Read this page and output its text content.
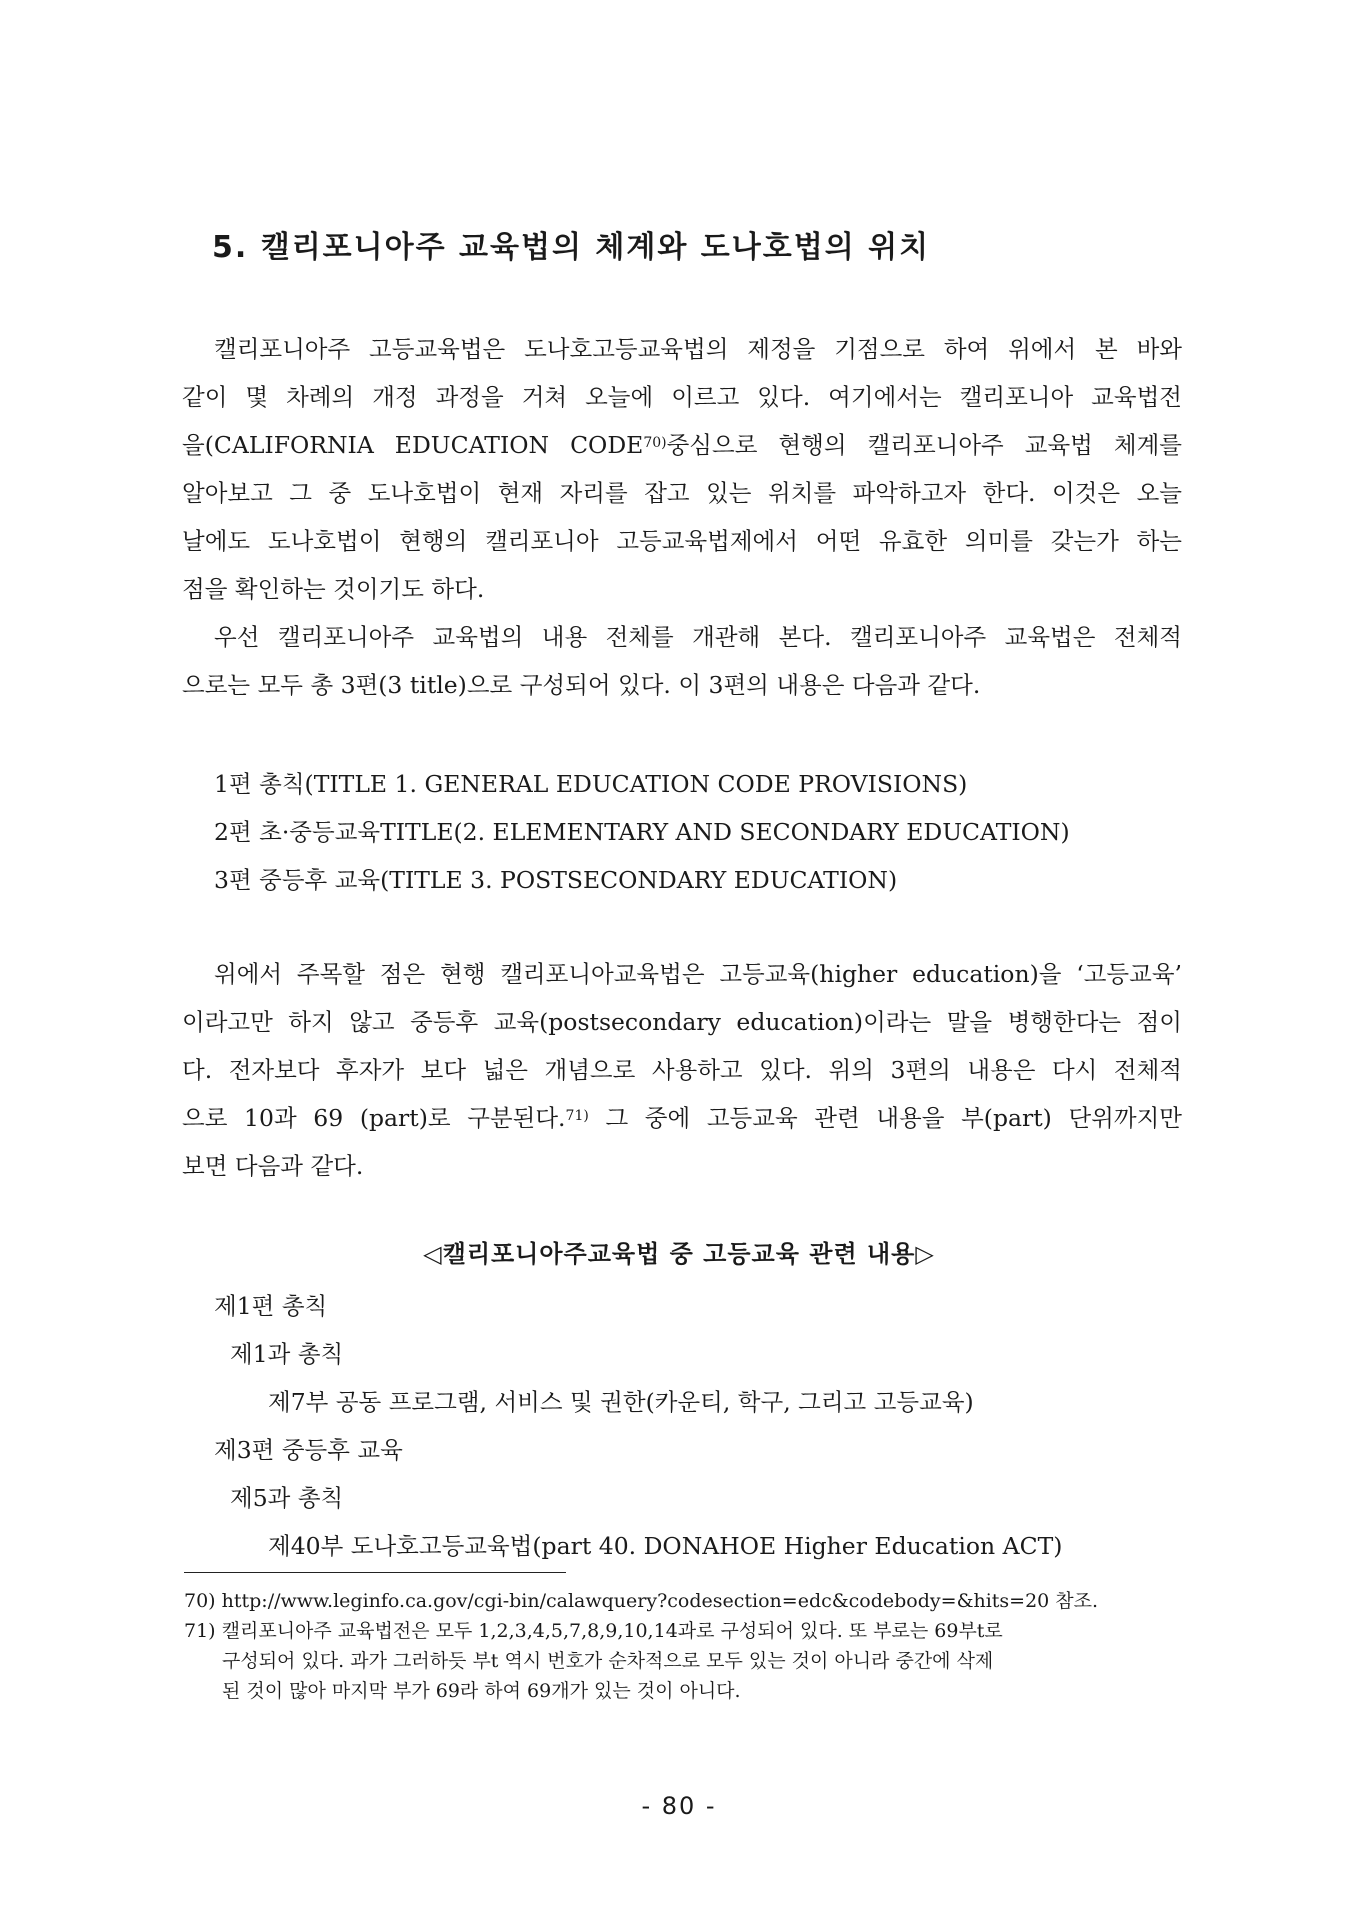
5. 캘리포니아주 교육법의 체계와 도나호법의 위치
캘리포니아주 고등교육법은 도나호고등교육법의 제정을 기점으로 하여 위에서 본 바와
같이 몇 차례의 개정 과정을 거쳐 오늘에 이르고 있다. 여기에서는 캘리포니아 교육법전
을(CALIFORNIA EDUCATION CODE$^{70)}$중심으로 현행의 캘리포니아주 교육법 체계를
알아보고 그 중 도나호법이 현재 자리를 잡고 있는 위치를 파악하고자 한다. 이것은 오늘
날에도 도나호법이 현행의 캘리포니아 고등교육법제에서 어떤 유효한 의미를 갖는가 하는
점을 확인하는 것이기도 하다.
우선 캘리포니아주 교육법의 내용 전체를 개관해 본다. 캘리포니아주 교육법은 전체적
으로는 모두 총 3편(3 title)으로 구성되어 있다. 이 3편의 내용은 다음과 같다.
1편 총칙(TITLE 1. GENERAL EDUCATION CODE PROVISIONS)
2편 초·중등교육TITLE(2. ELEMENTARY AND SECONDARY EDUCATION)
3편 중등후 교육(TITLE 3. POSTSECONDARY EDUCATION)
위에서 주목할 점은 현행 캘리포니아교육법은 고등교육(higher education)을 ‘고등교육’
이라고만 하지 않고 중등후 교육(postsecondary education)이라는 말을 병행한다는 점이
다. 전자보다 후자가 보다 넓은 개념으로 사용하고 있다. 위의 3편의 내용은 다시 전체적
으로 10과 69 (part)로 구분된다.$^{71)}$ 그 중에 고등교육 관련 내용을 부(part) 단위까지만
보면 다음과 같다.
◁캘리포니아주교육법 중 고등교육 관련 내용▷
제1편 총칙
제1과 총칙
제7부 공동 프로그램, 서비스 및 권한(카운티, 학구, 그리고 고등교육)
제3편 중등후 교육
제5과 총칙
제40부 도나호고등교육법(part 40. DONAHOE Higher Education ACT)
70) http://www.leginfo.ca.gov/cgi-bin/calawquery?codesection=edc&codebody=&hits=20 참조.
71) 캘리포니아주 교육법전은 모두 1,2,3,4,5,7,8,9,10,14과로 구성되어 있다. 또 부로는 69부t로
구성되어 있다. 과가 그러하듯 부t 역시 번호가 순차적으로 모두 있는 것이 아니라 중간에 삭제
된 것이 많아 마지막 부가 69라 하여 69개가 있는 것이 아니다.
- 80 -
